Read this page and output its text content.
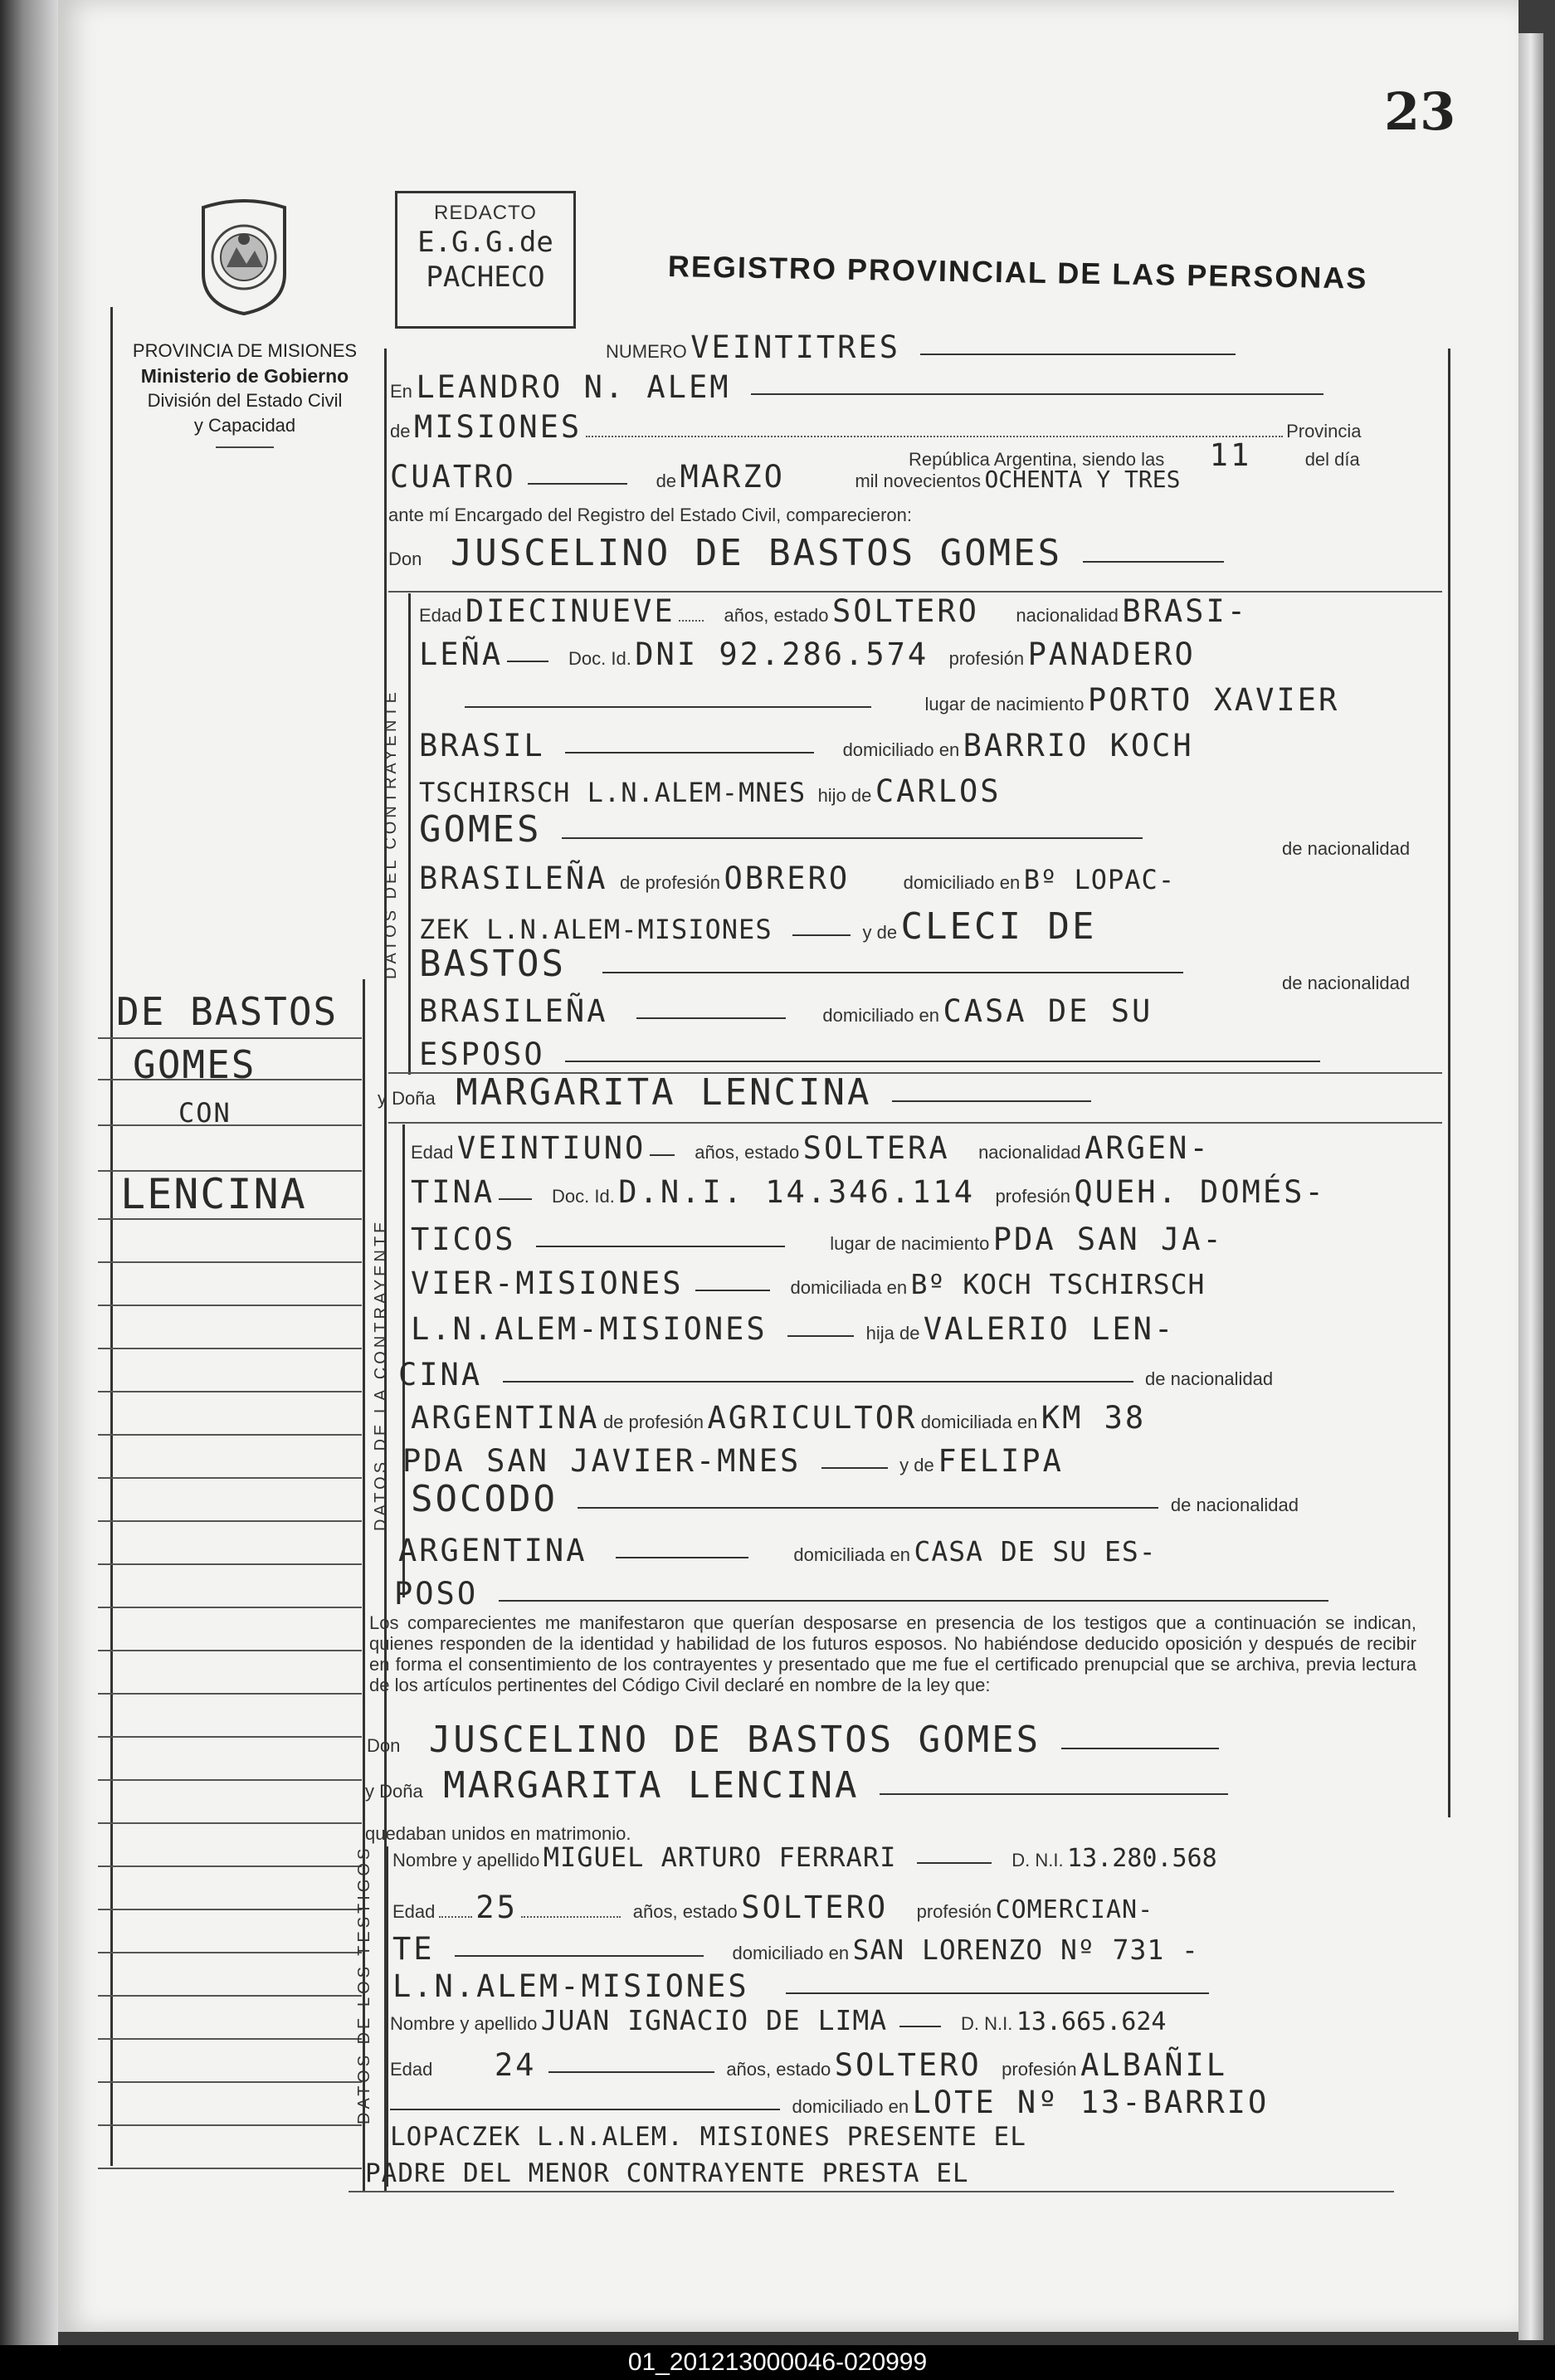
23
PROVINCIA DE MISIONES
Ministerio de Gobierno
División del Estado Civil
y Capacidad
REDACTO
E.G.G.de
PACHECO	REGISTRO PROVINCIAL DE LAS PERSONAS
DE BASTOS
GOMES
CON
LENCINA
NUMERO VEINTITRES
En LEANDRO N. ALEM
de MISIONES	Provincia
República Argentina, siendo las 11	del día
CUATRO	de MARZO	mil novecientos OCHENTA Y TRES
ante mí Encargado del Registro del Estado Civil, comparecieron:
Don JUSCELINO DE BASTOS GOMES
DATOS DEL CONTRAYENTE
Edad DIECINUEVE	años, estado SOLTERO nacionalidad BRASI-
LEÑA	Doc. Id. DNI 92.286.574 profesión PANADERO
lugar de nacimiento PORTO XAVIER
BRASIL	domiciliado en BARRIO KOCH
TSCHIRSCH L.N.ALEM-MNES hijo de CARLOS
GOMES	de nacionalidad
BRASILEÑA de profesión OBRERO	domiciliado en Bº LOPAC-
ZEK L.N.ALEM-MISIONES	y de CLECI DE
BASTOS	de nacionalidad
BRASILEÑA	domiciliado en CASA DE SU
ESPOSO
y Doña MARGARITA LENCINA
DATOS DE LA CONTRAYENTE
Edad VEINTIUNO	años, estado SOLTERA nacionalidad ARGEN-
TINA	Doc. Id. D.N.I. 14.346.114 profesión QUEH. DOMÉS-
TICOS	lugar de nacimiento PDA SAN JA-
VIER-MISIONES	domiciliada en Bº KOCH TSCHIRSCH
L.N.ALEM-MISIONES	hija de VALERIO LEN-
CINA	de nacionalidad
ARGENTINA de profesión AGRICULTOR domiciliada en KM 38
PDA SAN JAVIER-MNES	y de FELIPA
SOCODO	de nacionalidad
ARGENTINA	domiciliada en CASA DE SU ES-
POSO
Los comparecientes me manifestaron que querían desposarse en presencia de los testigos que a continuación se indican, quienes responden de la identidad y habilidad de los futuros esposos. No habiéndose deducido oposición y después de recibir en forma el consentimiento de los contrayentes y presentado que me fue el certificado prenupcial que se archiva, previa lectura de los artículos pertinentes del Código Civil declaré en nombre de la ley que:
Don JUSCELINO DE BASTOS GOMES
y Doña MARGARITA LENCINA
quedaban unidos en matrimonio.
DATOS DE LOS TESTIGOS Nombre y apellido MIGUEL ARTURO FERRARI	D. N.I. 13.280.568
Edad 25	años, estado SOLTERO profesión COMERCIAN-
TE	domiciliado en SAN LORENZO Nº 731 -
L.N.ALEM-MISIONES
Nombre y apellido JUAN IGNACIO DE LIMA	D. N.I. 13.665.624
Edad 24	años, estado SOLTERO profesión ALBAÑIL
domiciliado en LOTE Nº 13-BARRIO
LOPACZEK L.N.ALEM. MISIONES PRESENTE EL
PADRE DEL MENOR CONTRAYENTE PRESTA EL
01_201213000046-020999
